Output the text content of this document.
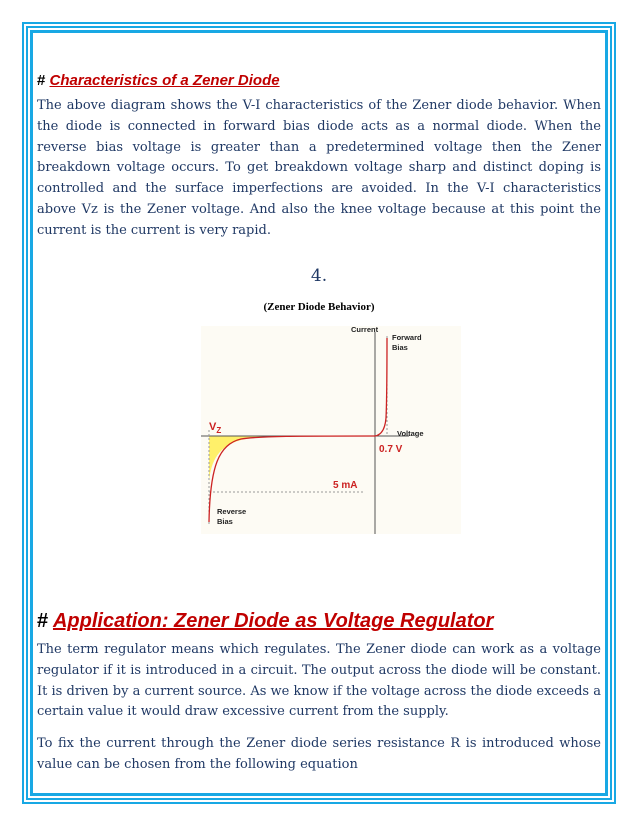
# Characteristics of a Zener Diode

The above diagram shows the V-I characteristics of the Zener diode behavior. When the diode is connected in forward bias diode acts as a normal diode. When the reverse bias voltage is greater than a predetermined voltage then the Zener breakdown voltage occurs. To get breakdown voltage sharp and distinct doping is controlled and the surface imperfections are avoided. In the V-I characteristics above Vz is the Zener voltage. And also the knee voltage because at this point the current is the current is very rapid.

4.

(Zener Diode Behavior)
Current
Forward
Bias
Voltage
0.7 V
$V_Z$
5 mA
Reverse
Bias
# Application: Zener Diode as Voltage Regulator

The term regulator means which regulates. The Zener diode can work as a voltage regulator if it is introduced in a circuit. The output across the diode will be constant. It is driven by a current source. As we know if the voltage across the diode exceeds a certain value it would draw excessive current from the supply.

To fix the current through the Zener diode series resistance R is introduced whose value can be chosen from the following equation
